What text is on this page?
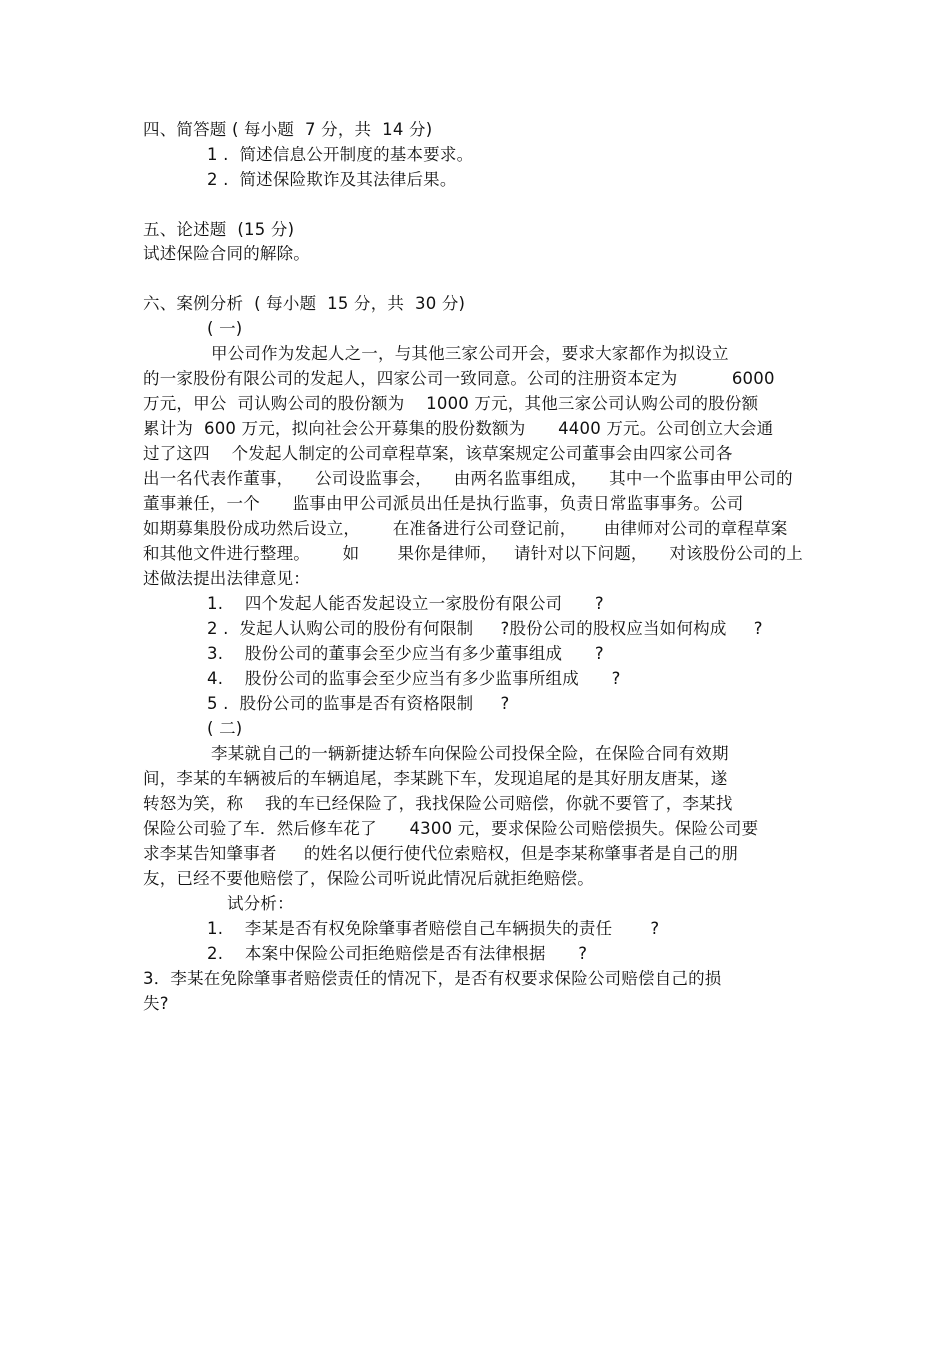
四、简答题 ( 每小题  7 分，共  14 分)
1 .  简述信息公开制度的基本要求。
2 .  简述保险欺诈及其法律后果。
五、论述题  (15 分)
试述保险合同的解除。
六、案例分析  ( 每小题  15 分，共  30 分)
( 一)
甲公司作为发起人之一，与其他三家公司开会，要求大家都作为拟设立
的一家股份有限公司的发起人，四家公司一致同意。公司的注册资本定为          6000
万元，甲公  司认购公司的股份额为    1000 万元，其他三家公司认购公司的股份额
累计为  600 万元，拟向社会公开募集的股份数额为      4400 万元。公司创立大会通
过了这四    个发起人制定的公司章程草案，该草案规定公司董事会由四家公司各
出一名代表作董事，    公司设监事会，    由两名监事组成，    其中一个监事由甲公司的
董事兼任，一个      监事由甲公司派员出任是执行监事，负责日常监事事务。公司
如期募集股份成功然后设立，      在准备进行公司登记前，     由律师对公司的章程草案
和其他文件进行整理。      如       果你是律师，   请针对以下问题，    对该股份公司的上
述做法提出法律意见：
1.    四个发起人能否发起设立一家股份有限公司      ?
2 .  发起人认购公司的股份有何限制     ?股份公司的股权应当如何构成     ?
3.    股份公司的董事会至少应当有多少董事组成      ?
4.    股份公司的监事会至少应当有多少监事所组成      ?
5 .  股份公司的监事是否有资格限制     ?
( 二)
李某就自己的一辆新捷达轿车向保险公司投保全险，在保险合同有效期
间，李某的车辆被后的车辆追尾，李某跳下车，发现追尾的是其好朋友唐某，遂
转怒为笑，称    我的车已经保险了，我找保险公司赔偿，你就不要管了，李某找
保险公司验了车．然后修车花了      4300 元，要求保险公司赔偿损失。保险公司要
求李某告知肇事者     的姓名以便行使代位索赔权，但是李某称肇事者是自己的朋
友，已经不要他赔偿了，保险公司听说此情况后就拒绝赔偿。
试分析：
1.    李某是否有权免除肇事者赔偿自己车辆损失的责任       ?
2.    本案中保险公司拒绝赔偿是否有法律根据      ?
3．李某在免除肇事者赔偿责任的情况下，是否有权要求保险公司赔偿自己的损
失?
